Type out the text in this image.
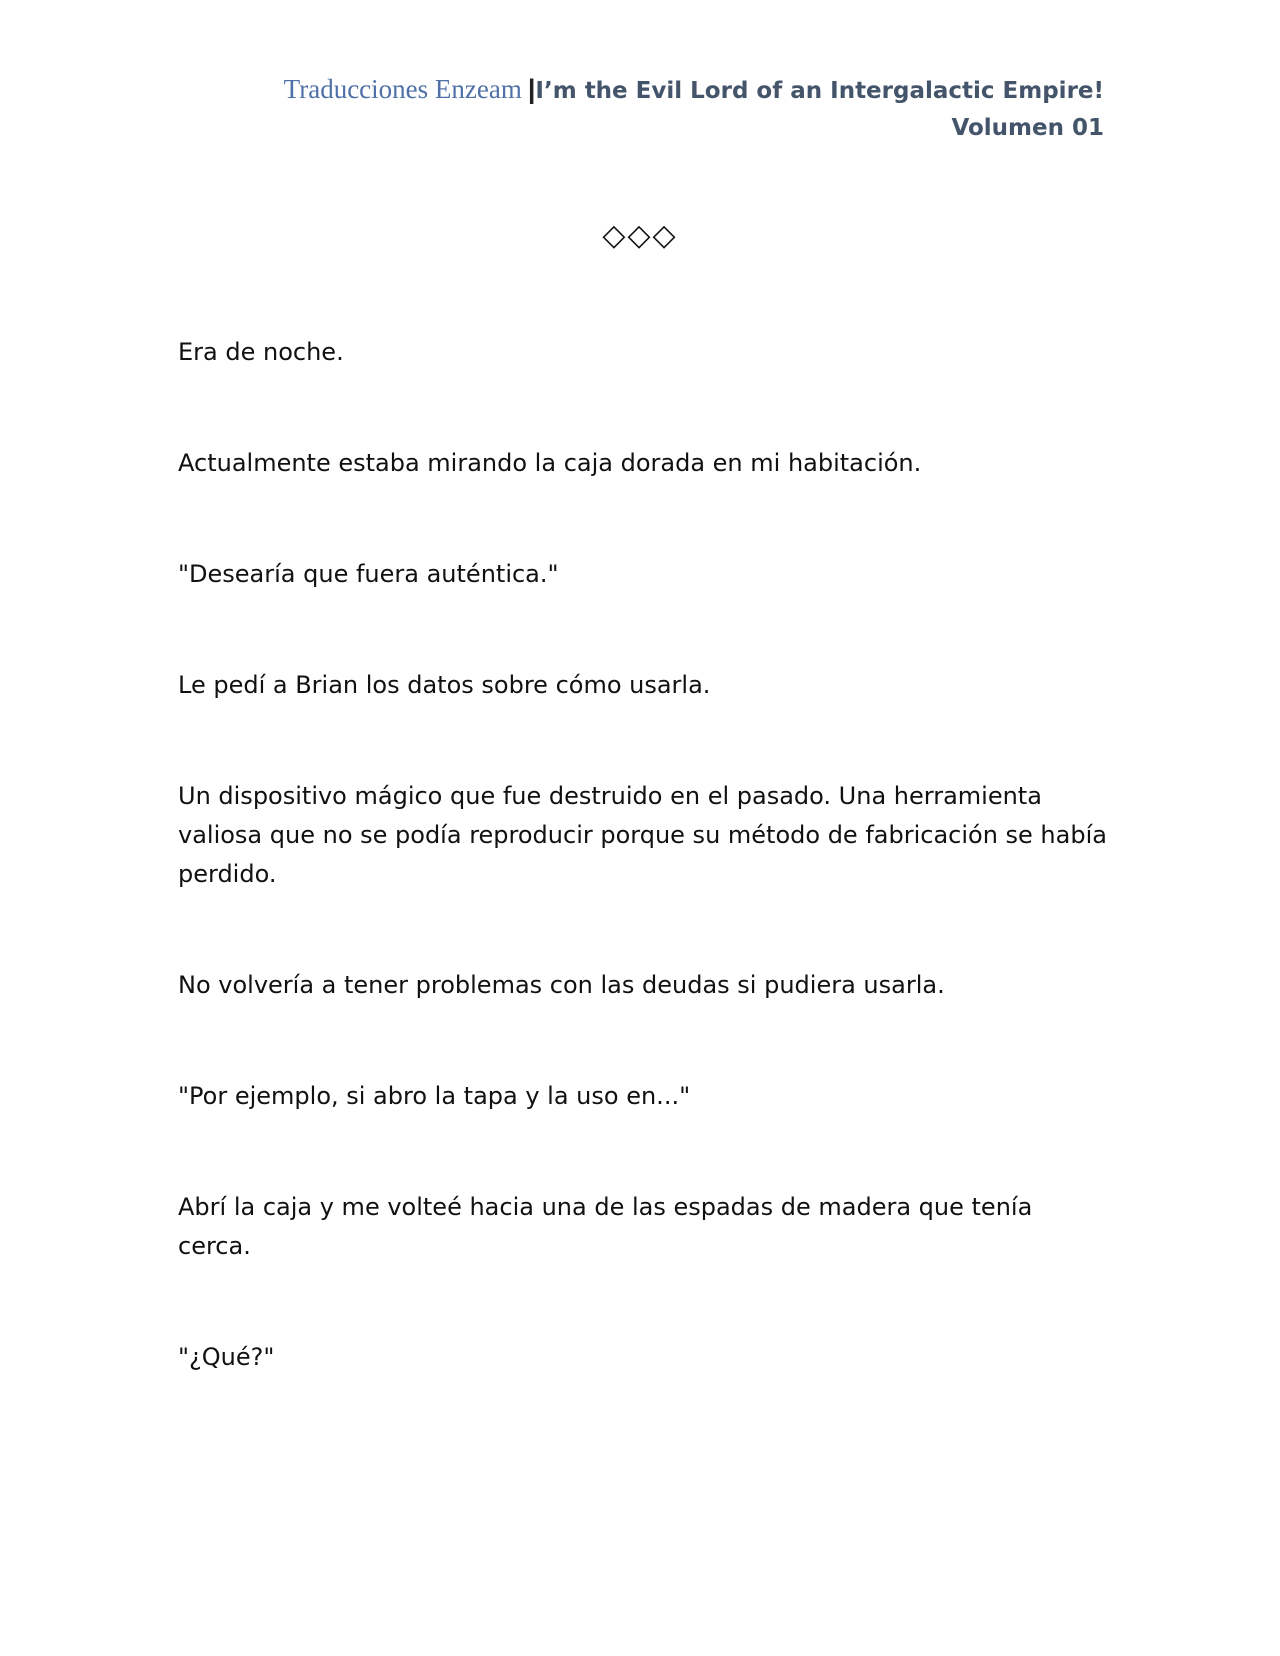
Traducciones Enzeam |I’m the Evil Lord of an Intergalactic Empire!
Volumen 01
◇◇◇

Era de noche.

Actualmente estaba mirando la caja dorada en mi habitación.

"Desearía que fuera auténtica."

Le pedí a Brian los datos sobre cómo usarla.

Un dispositivo mágico que fue destruido en el pasado. Una herramienta valiosa que no se podía reproducir porque su método de fabricación se había perdido.

No volvería a tener problemas con las deudas si pudiera usarla.

"Por ejemplo, si abro la tapa y la uso en..."

Abrí la caja y me volteé hacia una de las espadas de madera que tenía cerca.

"¿Qué?"
